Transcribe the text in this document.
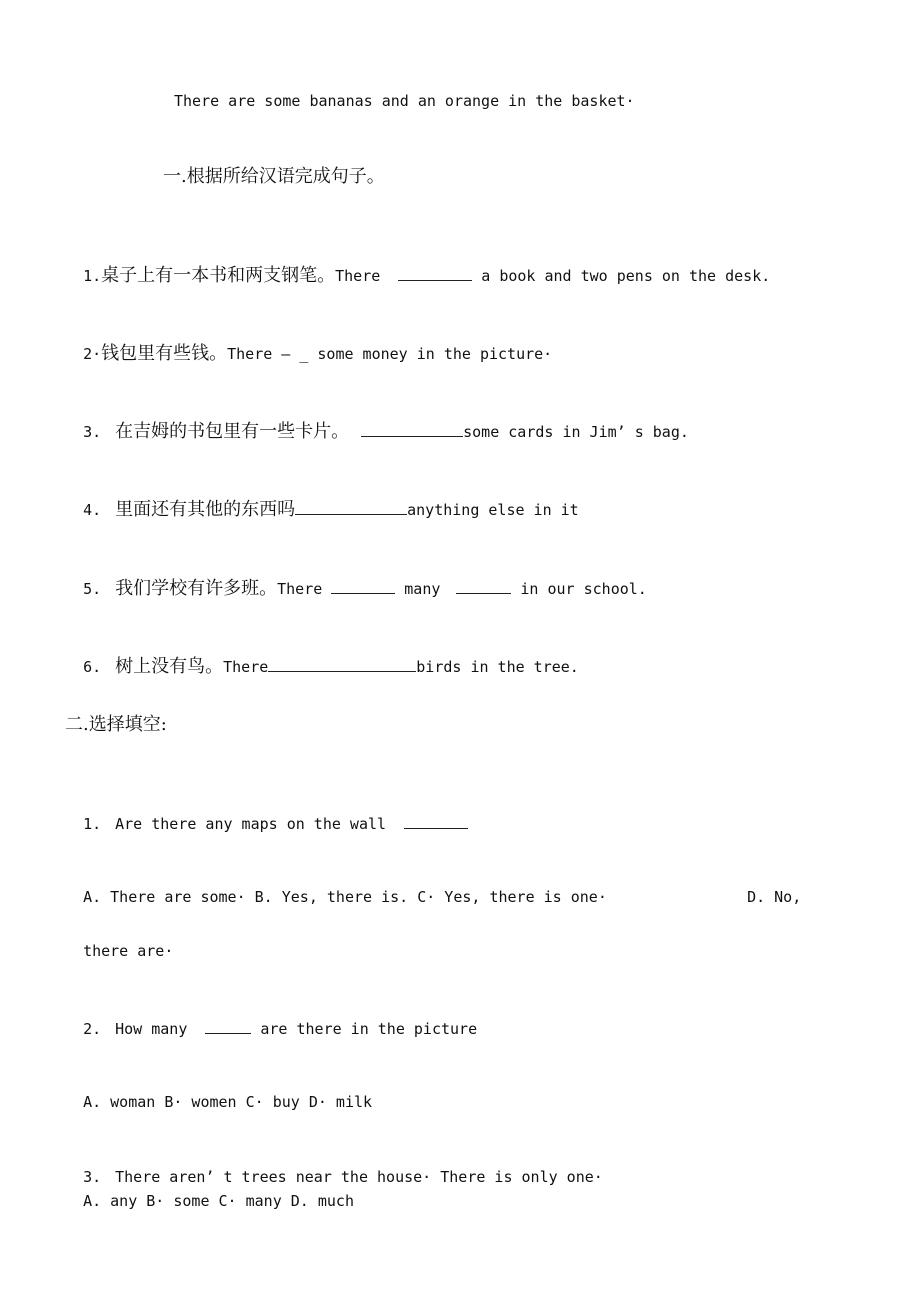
There are some bananas and an orange in the basket·

一.根据所给汉语完成句子。

1.桌子上有一本书和两支钢笔。There	a book and two pens on the desk.

2·钱包里有些钱。There — _ some money in the picture·

3. 在吉姆的书包里有一些卡片。	some cards in Jim’ s bag.

4. 里面还有其他的东西吗	anything else in it

5. 我们学校有许多班。There	many	in our school.

6. 树上没有鸟。There	birds in the tree.

二.选择填空:

1. Are there any maps on the wall

A. There are some· B. Yes, there is. C· Yes, there is one·	D. No,

there are·

2. How many	are there in the picture

A. woman B· women C· buy D· milk

3. There aren’ t trees near the house· There is only one·

A. any B· some C· many D. much
